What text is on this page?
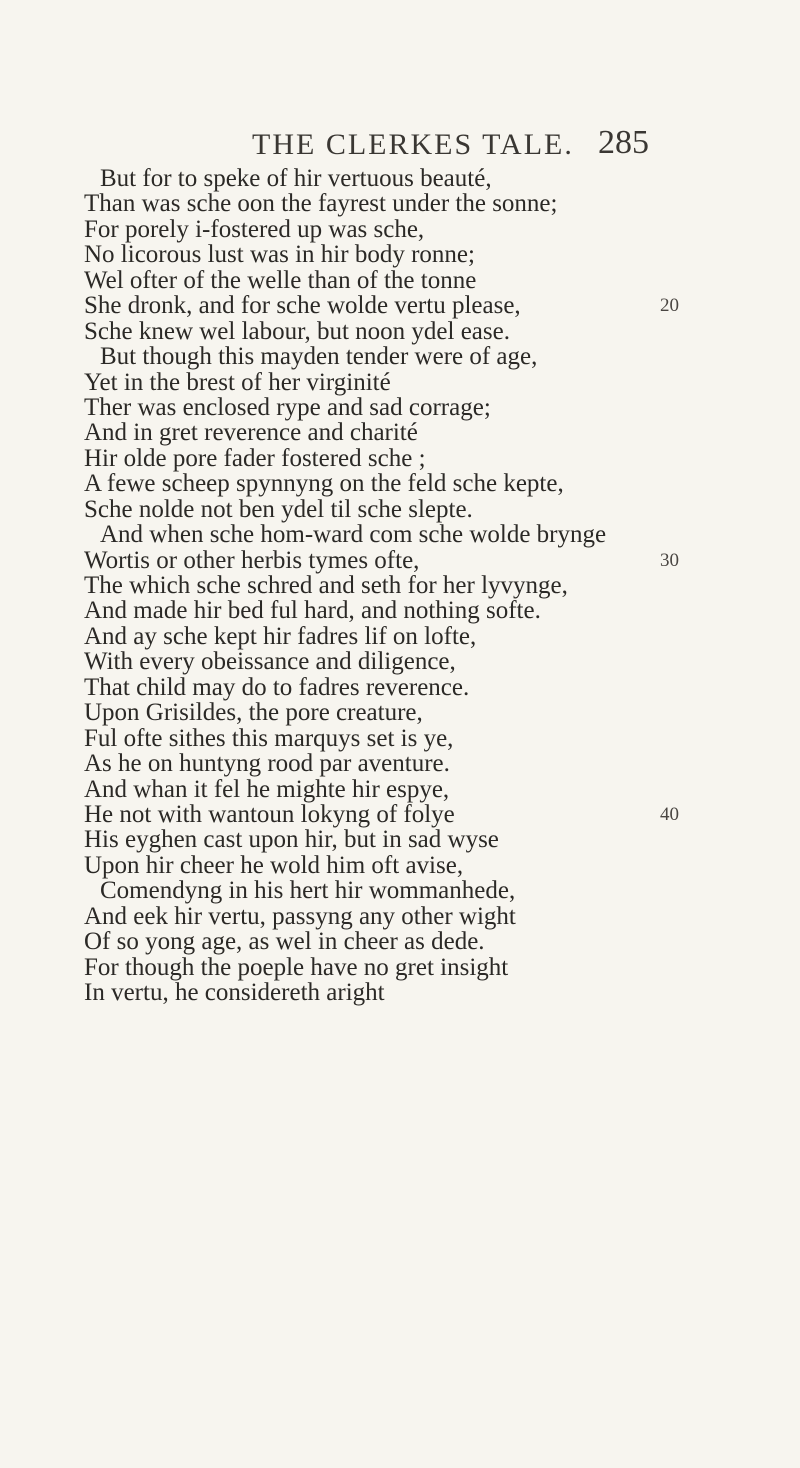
THE CLERKES TALE. 285
But for to speke of hir vertuous beauté,
Than was sche oon the fayrest under the sonne;
For porely i-fostered up was sche,
No licorous lust was in hir body ronne;
Wel ofter of the welle than of the tonne
She dronk, and for sche wolde vertu please,	20
Sche knew wel labour, but noon ydel ease.
But though this mayden tender were of age,
Yet in the brest of her virginité
Ther was enclosed rype and sad corrage;
And in gret reverence and charité
Hir olde pore fader fostered sche ;
A fewe scheep spynnyng on the feld sche kepte,
Sche nolde not ben ydel til sche slepte.
And when sche hom-ward com sche wolde brynge
Wortis or other herbis tymes ofte,	30
The which sche schred and seth for her lyvynge,
And made hir bed ful hard, and nothing softe.
And ay sche kept hir fadres lif on lofte,
With every obeissance and diligence,
That child may do to fadres reverence.
Upon Grisildes, the pore creature,
Ful ofte sithes this marquys set is ye,
As he on huntyng rood par aventure.
And whan it fel he mighte hir espye,
He not with wantoun lokyng of folye	40
His eyghen cast upon hir, but in sad wyse
Upon hir cheer he wold him oft avise,
Comendyng in his hert hir wommanhede,
And eek hir vertu, passyng any other wight
Of so yong age, as wel in cheer as dede.
For though the poeple have no gret insight
In vertu, he considereth aright
